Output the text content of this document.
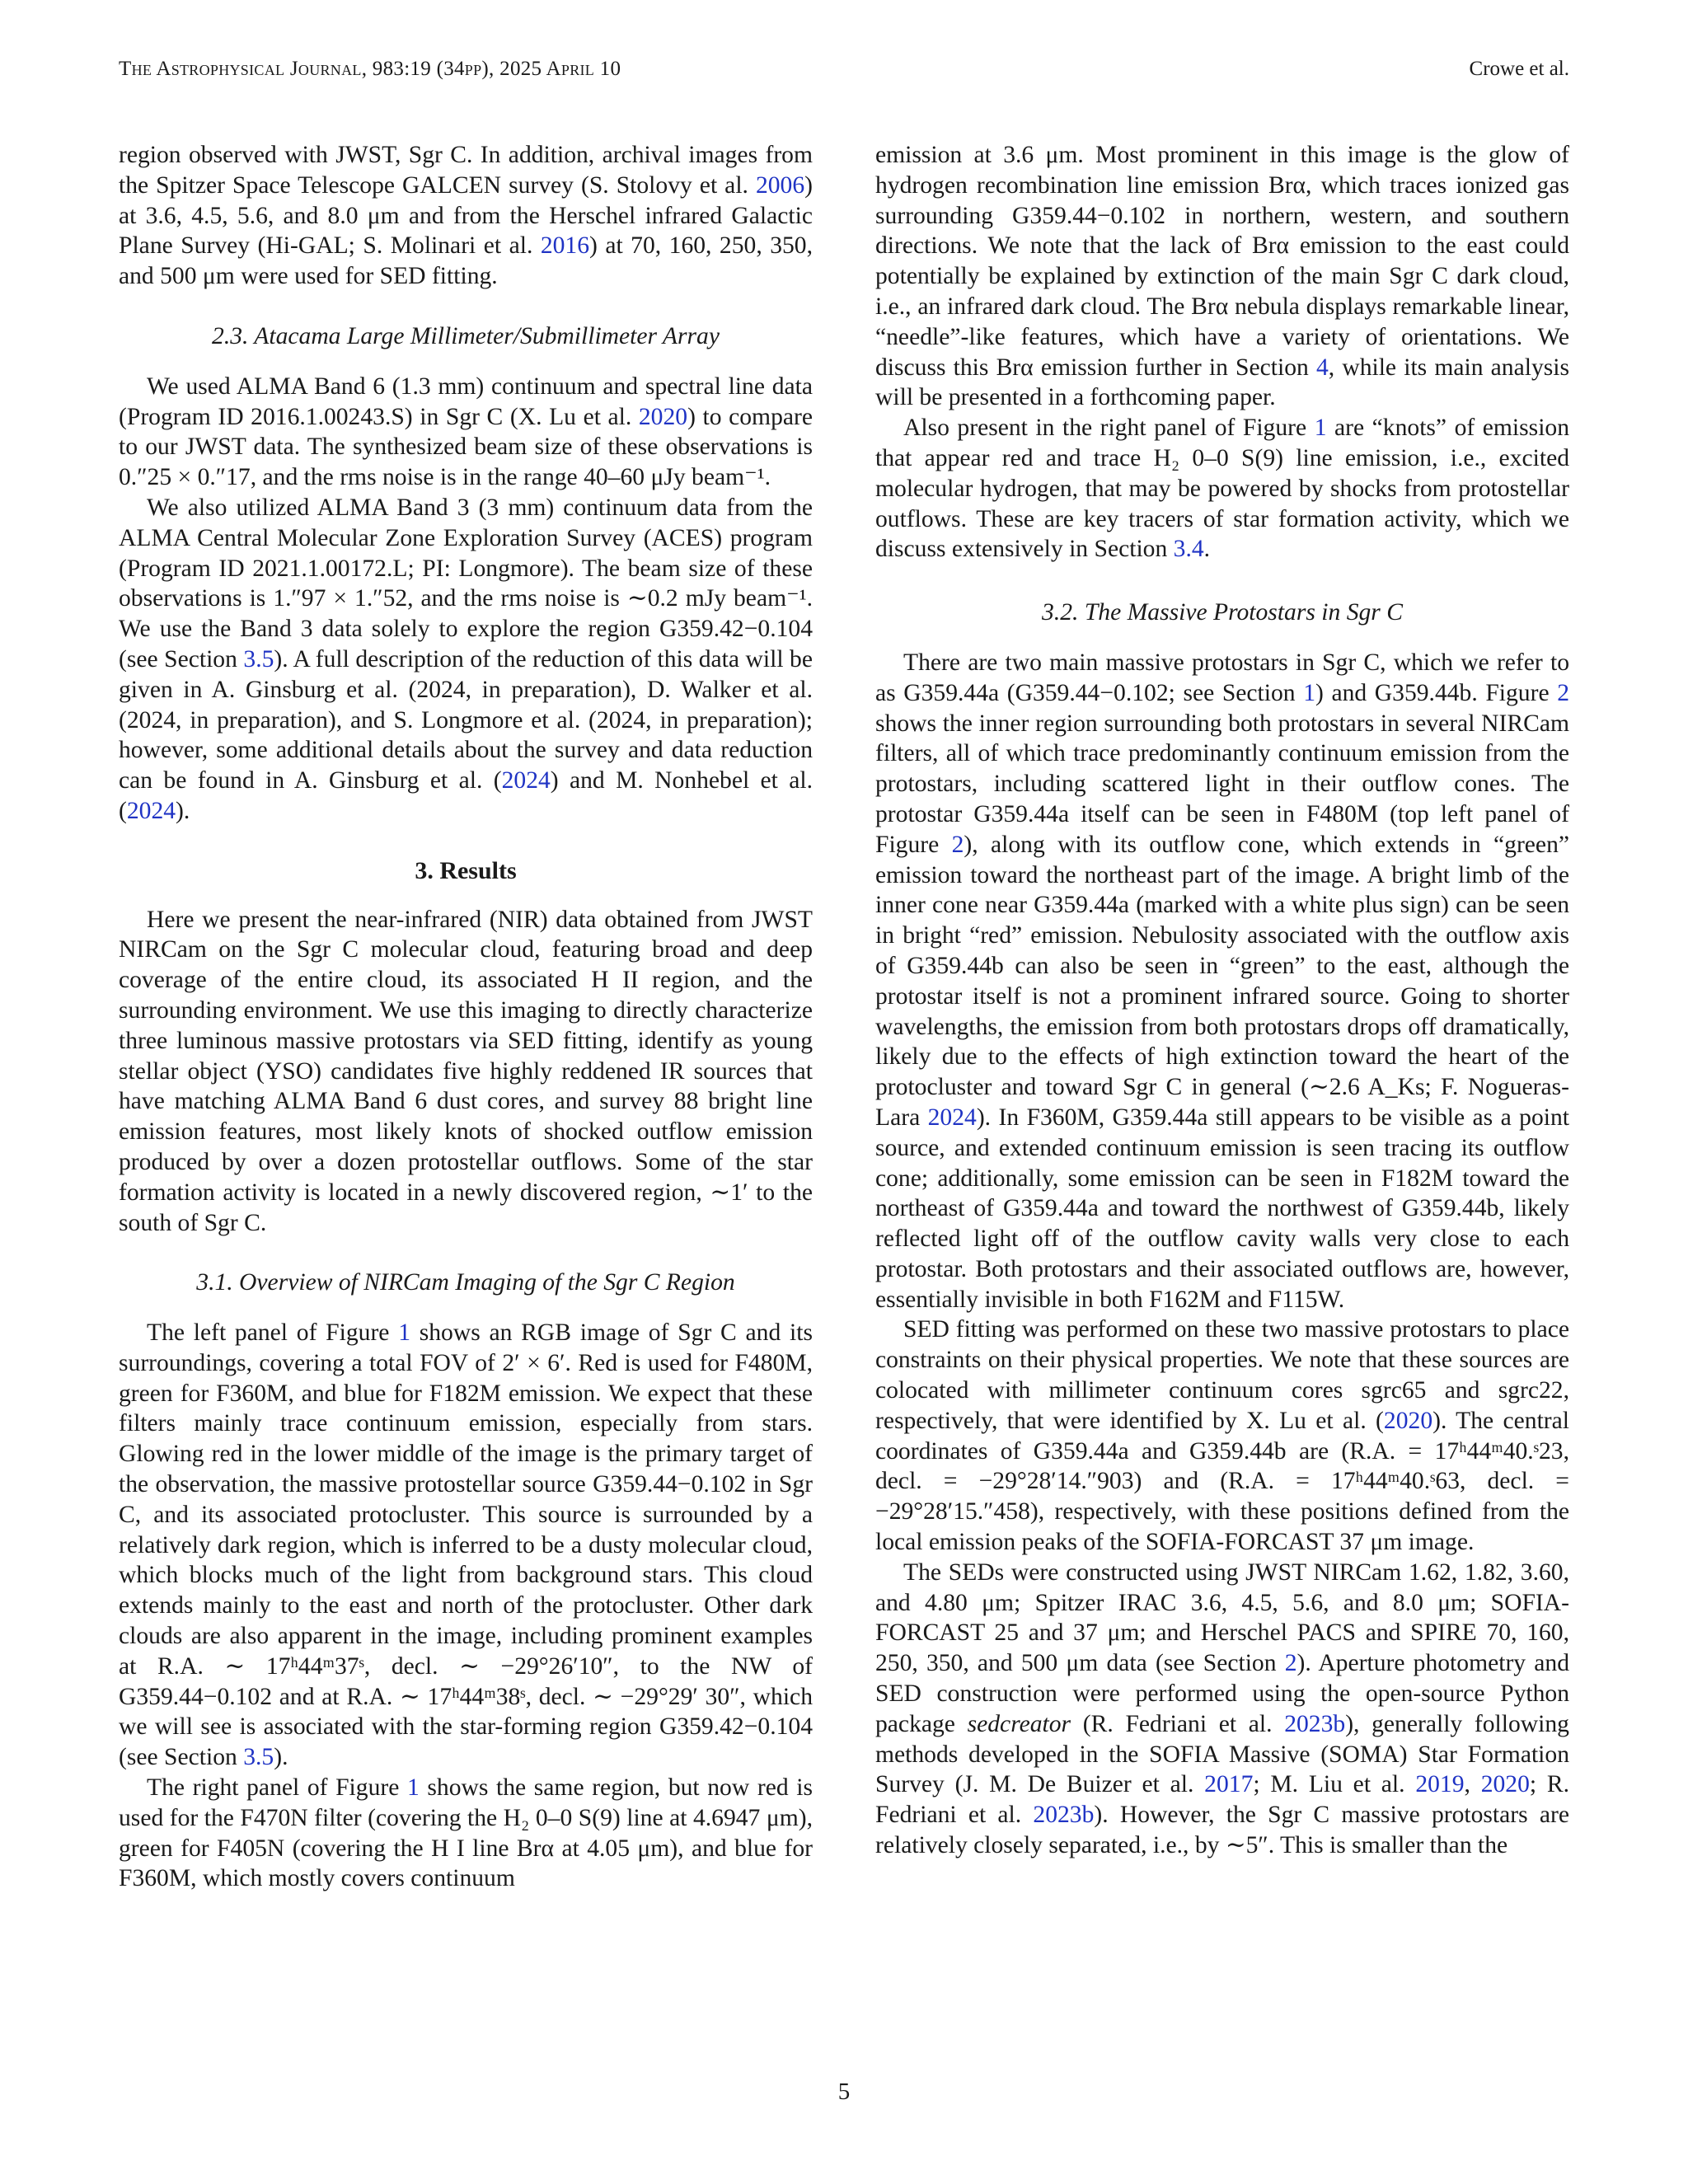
The Astrophysical Journal, 983:19 (34pp), 2025 April 10	Crowe et al.

region observed with JWST, Sgr C. In addition, archival images from the Spitzer Space Telescope GALCEN survey (S. Stolovy et al. 2006) at 3.6, 4.5, 5.6, and 8.0 μm and from the Herschel infrared Galactic Plane Survey (Hi-GAL; S. Molinari et al. 2016) at 70, 160, 250, 350, and 500 μm were used for SED fitting.

2.3. Atacama Large Millimeter/Submillimeter Array

We used ALMA Band 6 (1.3 mm) continuum and spectral line data (Program ID 2016.1.00243.S) in Sgr C (X. Lu et al. 2020) to compare to our JWST data. The synthesized beam size of these observations is 0.″25 × 0.″17, and the rms noise is in the range 40–60 μJy beam⁻¹.

We also utilized ALMA Band 3 (3 mm) continuum data from the ALMA Central Molecular Zone Exploration Survey (ACES) program (Program ID 2021.1.00172.L; PI: Longmore). The beam size of these observations is 1.″97 × 1.″52, and the rms noise is ∼0.2 mJy beam⁻¹. We use the Band 3 data solely to explore the region G359.42−0.104 (see Section 3.5). A full description of the reduction of this data will be given in A. Ginsburg et al. (2024, in preparation), D. Walker et al. (2024, in preparation), and S. Longmore et al. (2024, in preparation); however, some additional details about the survey and data reduction can be found in A. Ginsburg et al. (2024) and M. Nonhebel et al. (2024).

3. Results

Here we present the near-infrared (NIR) data obtained from JWST NIRCam on the Sgr C molecular cloud, featuring broad and deep coverage of the entire cloud, its associated H II region, and the surrounding environment. We use this imaging to directly characterize three luminous massive protostars via SED fitting, identify as young stellar object (YSO) candidates five highly reddened IR sources that have matching ALMA Band 6 dust cores, and survey 88 bright line emission features, most likely knots of shocked outflow emission produced by over a dozen protostellar outflows. Some of the star formation activity is located in a newly discovered region, ∼1′ to the south of Sgr C.

3.1. Overview of NIRCam Imaging of the Sgr C Region

The left panel of Figure 1 shows an RGB image of Sgr C and its surroundings, covering a total FOV of 2′ × 6′. Red is used for F480M, green for F360M, and blue for F182M emission. We expect that these filters mainly trace continuum emission, especially from stars. Glowing red in the lower middle of the image is the primary target of the observation, the massive protostellar source G359.44−0.102 in Sgr C, and its associated protocluster. This source is surrounded by a relatively dark region, which is inferred to be a dusty molecular cloud, which blocks much of the light from background stars. This cloud extends mainly to the east and north of the protocluster. Other dark clouds are also apparent in the image, including prominent examples at R.A. ∼ 17ʰ44ᵐ37ˢ, decl. ∼ −29°26′10″, to the NW of G359.44−0.102 and at R.A. ∼ 17ʰ44ᵐ38ˢ, decl. ∼ −29°29′ 30″, which we will see is associated with the star-forming region G359.42−0.104 (see Section 3.5).

The right panel of Figure 1 shows the same region, but now red is used for the F470N filter (covering the H₂ 0–0 S(9) line at 4.6947 μm), green for F405N (covering the H I line Brα at 4.05 μm), and blue for F360M, which mostly covers continuum

emission at 3.6 μm. Most prominent in this image is the glow of hydrogen recombination line emission Brα, which traces ionized gas surrounding G359.44−0.102 in northern, western, and southern directions. We note that the lack of Brα emission to the east could potentially be explained by extinction of the main Sgr C dark cloud, i.e., an infrared dark cloud. The Brα nebula displays remarkable linear, “needle”-like features, which have a variety of orientations. We discuss this Brα emission further in Section 4, while its main analysis will be presented in a forthcoming paper.

Also present in the right panel of Figure 1 are “knots” of emission that appear red and trace H₂ 0–0 S(9) line emission, i.e., excited molecular hydrogen, that may be powered by shocks from protostellar outflows. These are key tracers of star formation activity, which we discuss extensively in Section 3.4.

3.2. The Massive Protostars in Sgr C

There are two main massive protostars in Sgr C, which we refer to as G359.44a (G359.44−0.102; see Section 1) and G359.44b. Figure 2 shows the inner region surrounding both protostars in several NIRCam filters, all of which trace predominantly continuum emission from the protostars, including scattered light in their outflow cones. The protostar G359.44a itself can be seen in F480M (top left panel of Figure 2), along with its outflow cone, which extends in “green” emission toward the northeast part of the image. A bright limb of the inner cone near G359.44a (marked with a white plus sign) can be seen in bright “red” emission. Nebulosity associated with the outflow axis of G359.44b can also be seen in “green” to the east, although the protostar itself is not a prominent infrared source. Going to shorter wavelengths, the emission from both protostars drops off dramatically, likely due to the effects of high extinction toward the heart of the protocluster and toward Sgr C in general (∼2.6 A_Ks; F. Nogueras-Lara 2024). In F360M, G359.44a still appears to be visible as a point source, and extended continuum emission is seen tracing its outflow cone; additionally, some emission can be seen in F182M toward the northeast of G359.44a and toward the northwest of G359.44b, likely reflected light off of the outflow cavity walls very close to each protostar. Both protostars and their associated outflows are, however, essentially invisible in both F162M and F115W.

SED fitting was performed on these two massive protostars to place constraints on their physical properties. We note that these sources are colocated with millimeter continuum cores sgrc65 and sgrc22, respectively, that were identified by X. Lu et al. (2020). The central coordinates of G359.44a and G359.44b are (R.A. = 17ʰ44ᵐ40.ˢ23, decl. = −29°28′14.″903) and (R.A. = 17ʰ44ᵐ40.ˢ63, decl. = −29°28′15.″458), respectively, with these positions defined from the local emission peaks of the SOFIA-FORCAST 37 μm image.

The SEDs were constructed using JWST NIRCam 1.62, 1.82, 3.60, and 4.80 μm; Spitzer IRAC 3.6, 4.5, 5.6, and 8.0 μm; SOFIA-FORCAST 25 and 37 μm; and Herschel PACS and SPIRE 70, 160, 250, 350, and 500 μm data (see Section 2). Aperture photometry and SED construction were performed using the open-source Python package sedcreator (R. Fedriani et al. 2023b), generally following methods developed in the SOFIA Massive (SOMA) Star Formation Survey (J. M. De Buizer et al. 2017; M. Liu et al. 2019, 2020; R. Fedriani et al. 2023b). However, the Sgr C massive protostars are relatively closely separated, i.e., by ∼5″. This is smaller than the

5
